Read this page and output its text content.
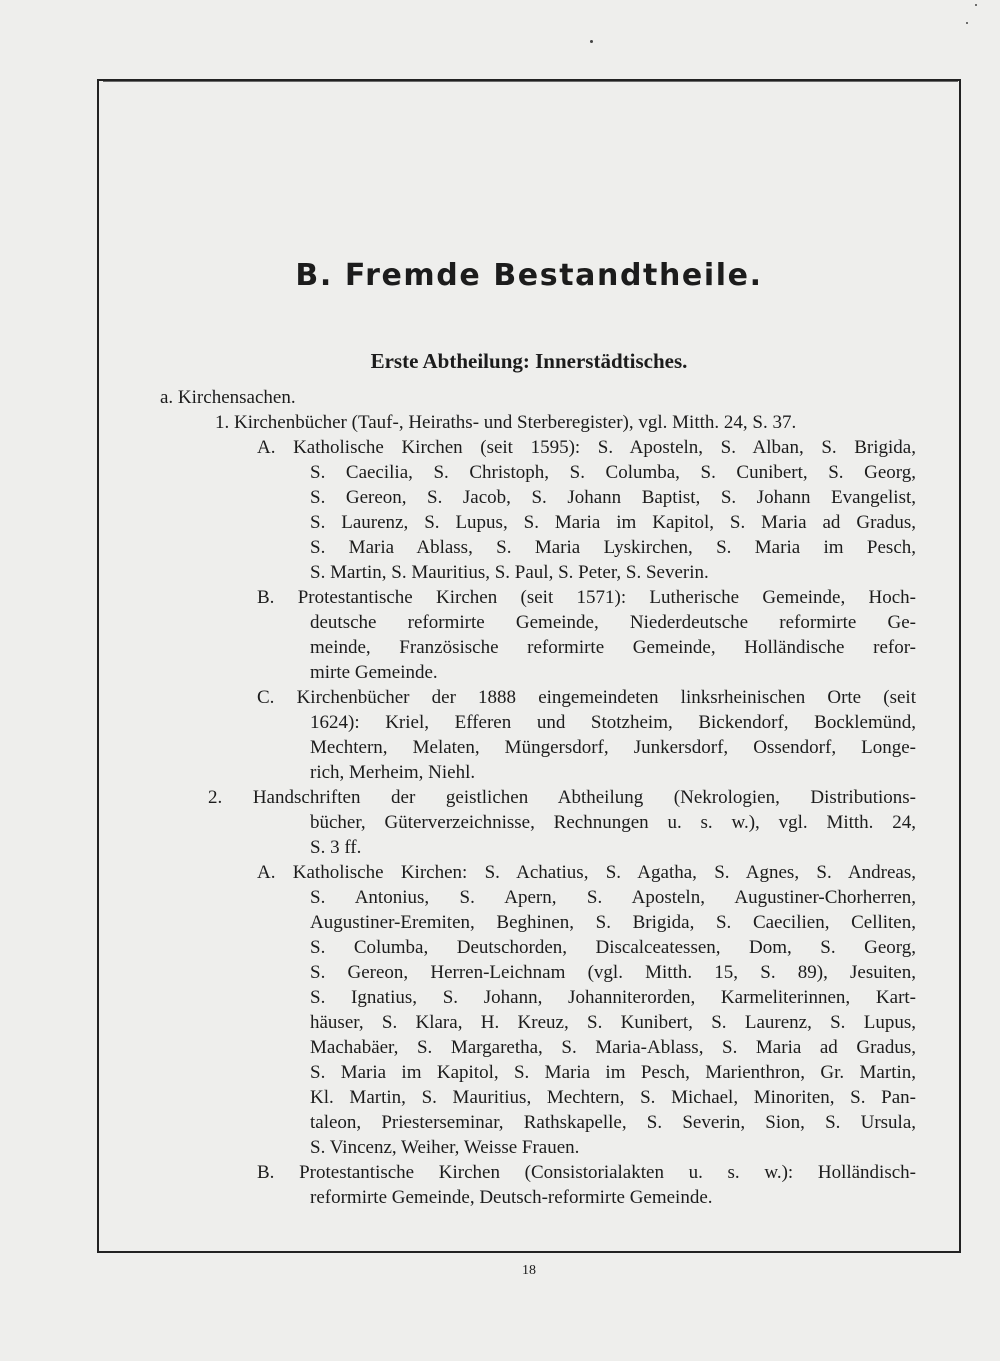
B. Fremde Bestandtheile.
Erste Abtheilung: Innerstädtisches.

a. Kirchensachen.

1. Kirchenbücher (Tauf-, Heiraths- und Sterberegister), vgl. Mitth. 24, S. 37.

A. Katholische Kirchen (seit 1595): S. Aposteln, S. Alban, S. Brigida,

S. Caecilia, S. Christoph, S. Columba, S. Cunibert, S. Georg,

S. Gereon, S. Jacob, S. Johann Baptist, S. Johann Evangelist,

S. Laurenz, S. Lupus, S. Maria im Kapitol, S. Maria ad Gradus,

S. Maria Ablass, S. Maria Lyskirchen, S. Maria im Pesch,

S. Martin, S. Mauritius, S. Paul, S. Peter, S. Severin.

B. Protestantische Kirchen (seit 1571): Lutherische Gemeinde, Hoch-

deutsche reformirte Gemeinde, Niederdeutsche reformirte Ge-

meinde, Französische reformirte Gemeinde, Holländische refor-

mirte Gemeinde.

C. Kirchenbücher der 1888 eingemeindeten linksrheinischen Orte (seit

1624): Kriel, Efferen und Stotzheim, Bickendorf, Bocklemünd,

Mechtern, Melaten, Müngersdorf, Junkersdorf, Ossendorf, Longe-

rich, Merheim, Niehl.

2. Handschriften der geistlichen Abtheilung (Nekrologien, Distributions-

bücher, Güterverzeichnisse, Rechnungen u. s. w.), vgl. Mitth. 24,

S. 3 ff.

A. Katholische Kirchen: S. Achatius, S. Agatha, S. Agnes, S. Andreas,

S. Antonius, S. Apern, S. Aposteln, Augustiner-Chorherren,

Augustiner-Eremiten, Beghinen, S. Brigida, S. Caecilien, Celliten,

S. Columba, Deutschorden, Discalceatessen, Dom, S. Georg,

S. Gereon, Herren-Leichnam (vgl. Mitth. 15, S. 89), Jesuiten,

S. Ignatius, S. Johann, Johanniterorden, Karmeliterinnen, Kart-

häuser, S. Klara, H. Kreuz, S. Kunibert, S. Laurenz, S. Lupus,

Machabäer, S. Margaretha, S. Maria-Ablass, S. Maria ad Gradus,

S. Maria im Kapitol, S. Maria im Pesch, Marienthron, Gr. Martin,

Kl. Martin, S. Mauritius, Mechtern, S. Michael, Minoriten, S. Pan-

taleon, Priesterseminar, Rathskapelle, S. Severin, Sion, S. Ursula,

S. Vincenz, Weiher, Weisse Frauen.

B. Protestantische Kirchen (Consistorialakten u. s. w.): Holländisch-

reformirte Gemeinde, Deutsch-reformirte Gemeinde.

18
